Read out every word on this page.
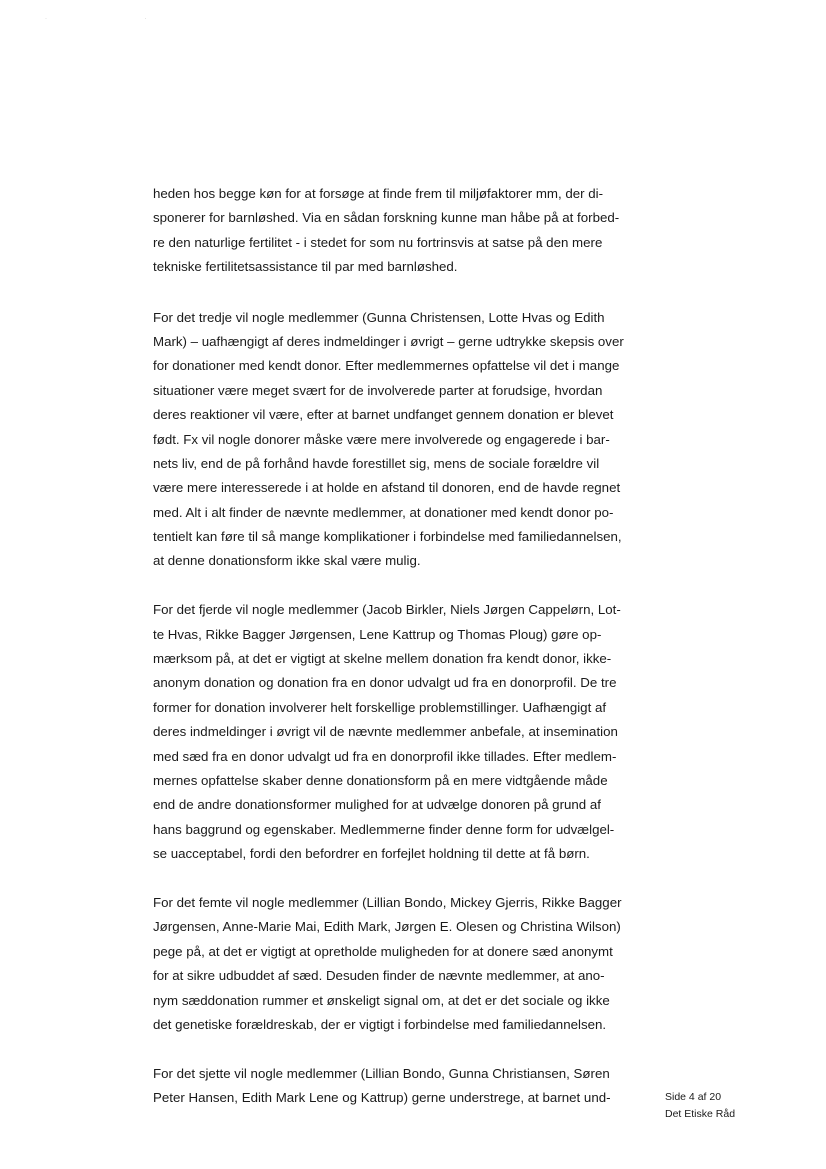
· ·
heden hos begge køn for at forsøge at finde frem til miljøfaktorer mm, der di-
sponerer for barnløshed. Via en sådan forskning kunne man håbe på at forbed-
re den naturlige fertilitet - i stedet for som nu fortrinsvis at satse på den mere
tekniske fertilitetsassistance til par med barnløshed.
For det tredje vil nogle medlemmer (Gunna Christensen, Lotte Hvas og Edith
Mark) – uafhængigt af deres indmeldinger i øvrigt – gerne udtrykke skepsis over
for donationer med kendt donor. Efter medlemmernes opfattelse vil det i mange
situationer være meget svært for de involverede parter at forudsige, hvordan
deres reaktioner vil være, efter at barnet undfanget gennem donation er blevet
født. Fx vil nogle donorer måske være mere involverede og engagerede i bar-
nets liv, end de på forhånd havde forestillet sig, mens de sociale forældre vil
være mere interesserede i at holde en afstand til donoren, end de havde regnet
med. Alt i alt finder de nævnte medlemmer, at donationer med kendt donor po-
tentielt kan føre til så mange komplikationer i forbindelse med familiedannelsen,
at denne donationsform ikke skal være mulig.
For det fjerde vil nogle medlemmer (Jacob Birkler, Niels Jørgen Cappelørn, Lot-
te Hvas, Rikke Bagger Jørgensen, Lene Kattrup og Thomas Ploug) gøre op-
mærksom på, at det er vigtigt at skelne mellem donation fra kendt donor, ikke-
anonym donation og donation fra en donor udvalgt ud fra en donorprofil. De tre
former for donation involverer helt forskellige problemstillinger. Uafhængigt af
deres indmeldinger i øvrigt vil de nævnte medlemmer anbefale, at insemination
med sæd fra en donor udvalgt ud fra en donorprofil ikke tillades. Efter medlem-
mernes opfattelse skaber denne donationsform på en mere vidtgående måde
end de andre donationsformer mulighed for at udvælge donoren på grund af
hans baggrund og egenskaber. Medlemmerne finder denne form for udvælgel-
se uacceptabel, fordi den befordrer en forfejlet holdning til dette at få børn.
For det femte vil nogle medlemmer (Lillian Bondo, Mickey Gjerris, Rikke Bagger
Jørgensen, Anne-Marie Mai, Edith Mark, Jørgen E. Olesen og Christina Wilson)
pege på, at det er vigtigt at opretholde muligheden for at donere sæd anonymt
for at sikre udbuddet af sæd. Desuden finder de nævnte medlemmer, at ano-
nym sæddonation rummer et ønskeligt signal om, at det er det sociale og ikke
det genetiske forældreskab, der er vigtigt i forbindelse med familiedannelsen.
For det sjette vil nogle medlemmer (Lillian Bondo, Gunna Christiansen, Søren
Peter Hansen, Edith Mark Lene og Kattrup) gerne understrege, at barnet und-	Side 4 af 20
Det Etiske Råd
